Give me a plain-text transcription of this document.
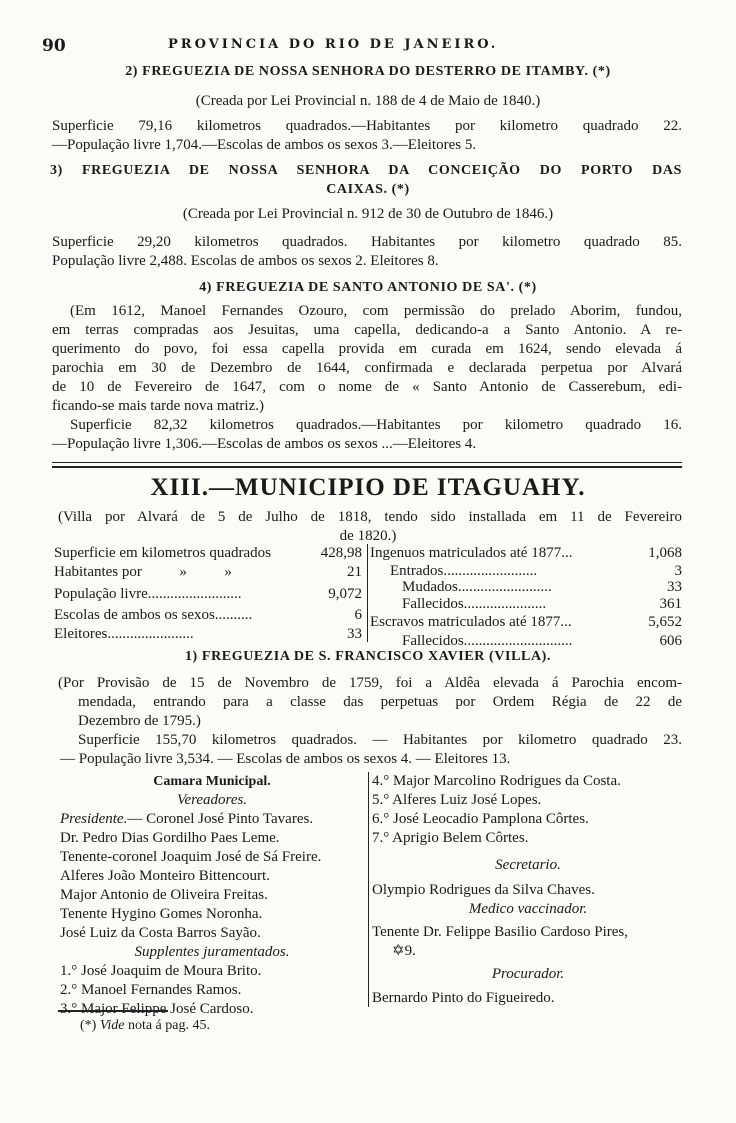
90	PROVINCIA DO RIO DE JANEIRO.
2) FREGUEZIA DE NOSSA SENHORA DO DESTERRO DE ITAMBY. (*)
(Creada por Lei Provincial n. 188 de 4 de Maio de 1840.)
Superficie 79,16 kilometros quadrados.—Habitantes por kilometro quadrado 22.
—População livre 1,704.—Escolas de ambos os sexos 3.—Eleitores 5.
3) FREGUEZIA DE NOSSA SENHORA DA CONCEIÇÃO DO PORTO DAS
CAIXAS. (*)
(Creada por Lei Provincial n. 912 de 30 de Outubro de 1846.)
Superficie 29,20 kilometros quadrados. Habitantes por kilometro quadrado 85.
População livre 2,488. Escolas de ambos os sexos 2. Eleitores 8.
4) FREGUEZIA DE SANTO ANTONIO DE SA'. (*)
(Em 1612, Manoel Fernandes Ozouro, com permissão do prelado Aborim, fundou,
em terras compradas aos Jesuitas, uma capella, dedicando-a a Santo Antonio. A re-
querimento do povo, foi essa capella provida em curada em 1624, sendo elevada á
parochia em 30 de Dezembro de 1644, confirmada e declarada perpetua por Alvará
de 10 de Fevereiro de 1647, com o nome de « Santo Antonio de Casserebum, edi-
ficando-se mais tarde nova matriz.)
Superficie 82,32 kilometros quadrados.—Habitantes por kilometro quadrado 16.
—População livre 1,306.—Escolas de ambos os sexos ...—Eleitores 4.
XIII.—MUNICIPIO DE ITAGUAHY.
(Villa por Alvará de 5 de Julho de 1818, tendo sido installada em 11 de Fevereiro
de 1820.)
Superficie em kilometros quadrados	428,98
Habitantes por          »          »	21
População livre.........................	9,072
Escolas de ambos os sexos..........	6
Eleitores.......................	33
Ingenuos matriculados até 1877...	1,068
Entrados.........................	3
Mudados.........................	33
Fallecidos......................	361
Escravos matriculados até 1877...	5,652
Fallecidos.............................	606
1) FREGUEZIA DE S. FRANCISCO XAVIER (VILLA).
(Por Provisão de 15 de Novembro de 1759, foi a Aldêa elevada á Parochia encom-
mendada, entrando para a classe das perpetuas por Ordem Régia de 22 de
Dezembro de 1795.)
Superficie 155,70 kilometros quadrados. — Habitantes por kilometro quadrado 23.
— População livre 3,534. — Escolas de ambos os sexos 4. — Eleitores 13.
Camara Municipal.
Vereadores.
Presidente.— Coronel José Pinto Tavares.
Dr. Pedro Dias Gordilho Paes Leme.
Tenente-coronel Joaquim José de Sá Freire.
Alferes João Monteiro Bittencourt.
Major Antonio de Oliveira Freitas.
Tenente Hygino Gomes Noronha.
José Luiz da Costa Barros Sayão.
Supplentes juramentados.
1.° José Joaquim de Moura Brito.
2.° Manoel Fernandes Ramos.
3.° Major Felippe José Cardoso.
4.° Major Marcolino Rodrigues da Costa.
5.° Alferes Luiz José Lopes.
6.° José Leocadio Pamplona Côrtes.
7.° Aprigio Belem Côrtes.
Secretario.
Olympio Rodrigues da Silva Chaves.
Medico vaccinador.
Tenente Dr. Felippe Basilio Cardoso Pires,
✡9.
Procurador.
Bernardo Pinto do Figueiredo.
(*) Vide nota á pag. 45.
